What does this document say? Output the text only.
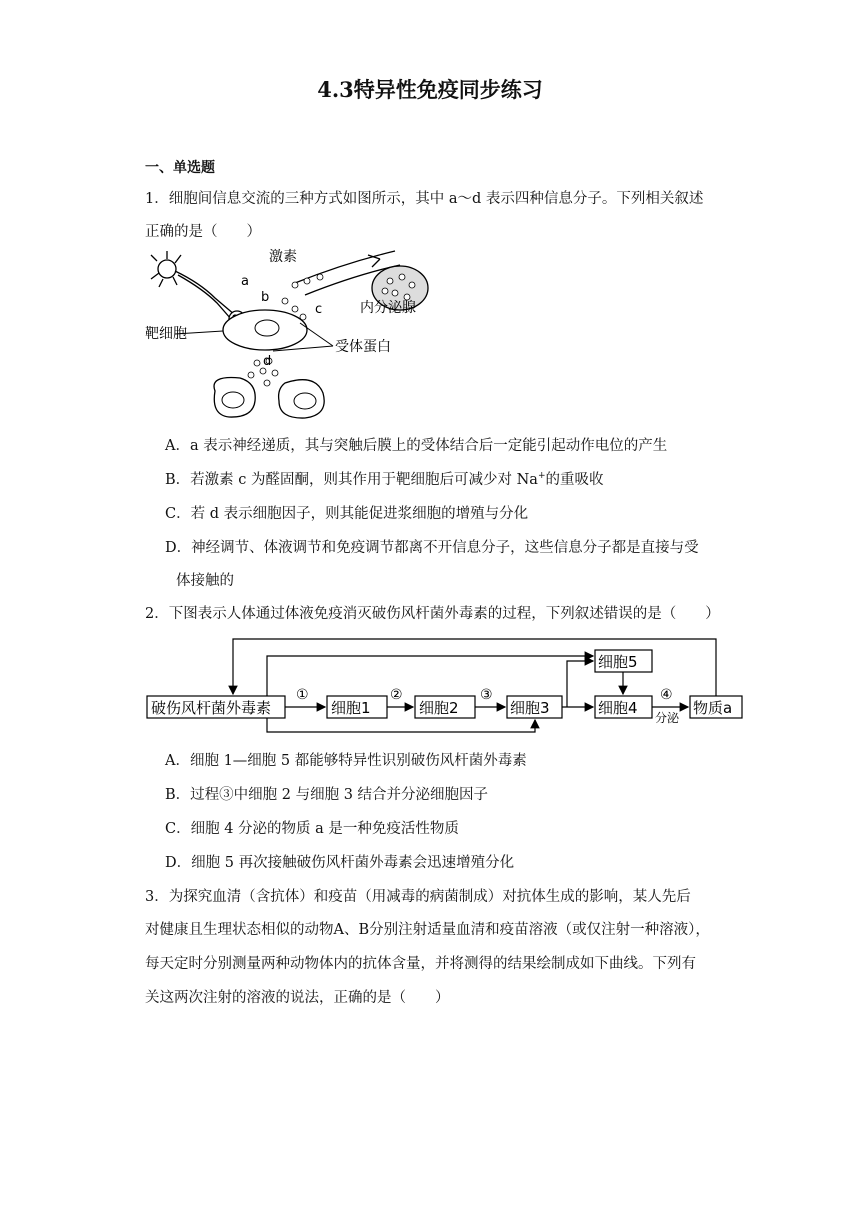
4.3特异性免疫同步练习
一、单选题
1．细胞间信息交流的三种方式如图所示，其中 a～d 表示四种信息分子。下列相关叙述
正确的是（　　）
a
激素
内分泌腺
b
c
靶细胞
受体蛋白
d
A．a 表示神经递质，其与突触后膜上的受体结合后一定能引起动作电位的产生
B．若激素 c 为醛固酮，则其作用于靶细胞后可减少对 Na+的重吸收
C．若 d 表示细胞因子，则其能促进浆细胞的增殖与分化
D．神经调节、体液调节和免疫调节都离不开信息分子，这些信息分子都是直接与受
体接触的
2．下图表示人体通过体液免疫消灭破伤风杆菌外毒素的过程，下列叙述错误的是（　　）
破伤风杆菌外毒素	细胞1	细胞2	细胞3
细胞5
细胞4	物质a
①	②	③	④
分泌
A．细胞 1—细胞 5 都能够特异性识别破伤风杆菌外毒素
B．过程③中细胞 2 与细胞 3 结合并分泌细胞因子
C．细胞 4 分泌的物质 a 是一种免疫活性物质
D．细胞 5 再次接触破伤风杆菌外毒素会迅速增殖分化
3．为探究血清（含抗体）和疫苗（用减毒的病菌制成）对抗体生成的影响，某人先后
对健康且生理状态相似的动物A、B分别注射适量血清和疫苗溶液（或仅注射一种溶液），
每天定时分别测量两种动物体内的抗体含量，并将测得的结果绘制成如下曲线。下列有
关这两次注射的溶液的说法，正确的是（　　）
